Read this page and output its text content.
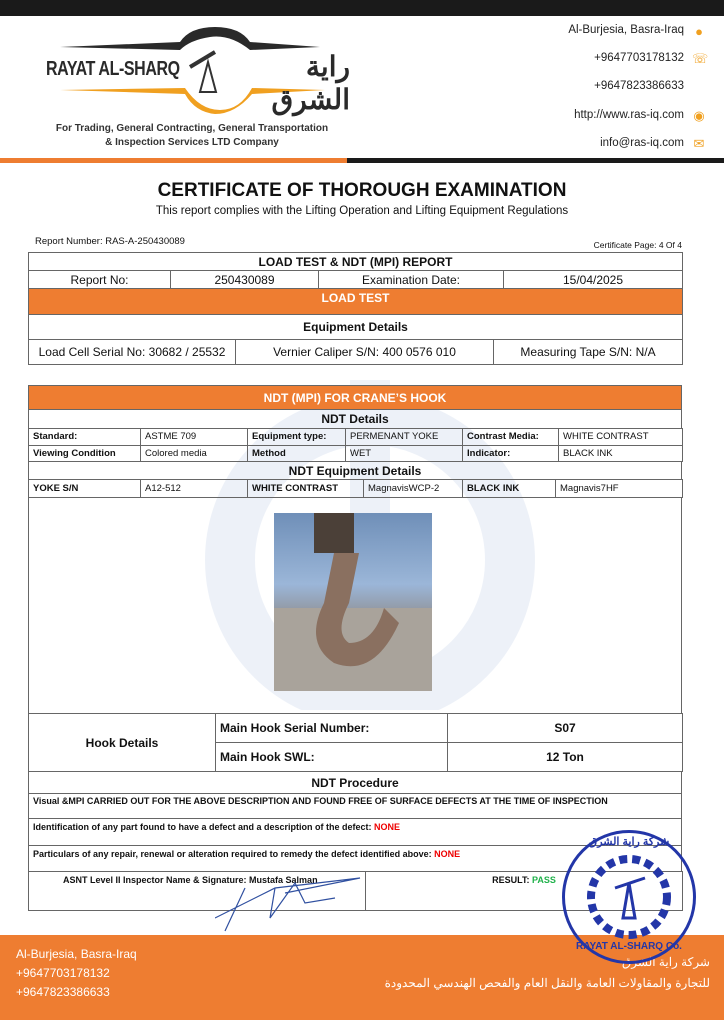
RAYAT AL-SHARQ	راية الشرق
For Trading, General Contracting, General Transportation
& Inspection Services LTD Company
Al-Burjesia, Basra-Iraq ●
+9647703178132 ☏
+9647823386633
http://www.ras-iq.com ◉
info@ras-iq.com ✉
CERTIFICATE OF THOROUGH EXAMINATION
This report complies with the Lifting Operation and Lifting Equipment Regulations
Report Number: RAS-A-250430089	Certificate Page: 4 Of 4
LOAD TEST & NDT (MPI) REPORT
Report No:	250430089	Examination Date:	15/04/2025
LOAD TEST
Equipment Details
Load Cell Serial No: 30682 / 25532	Vernier Caliper S/N: 400 0576 010	Measuring Tape S/N: N/A
NDT (MPI) FOR CRANE’S HOOK
NDT Details
Standard:	ASTME 709	Equipment type:	PERMENANT YOKE	Contrast Media:	WHITE CONTRAST
Viewing Condition	Colored media	Method	WET	Indicator:	BLACK INK
NDT Equipment Details
YOKE S/N	A12-512	WHITE CONTRAST	MagnavisWCP-2	BLACK INK	Magnavis7HF
Hook Details	Main Hook Serial Number:	S07
	Main Hook SWL:	12 Ton
NDT Procedure
Visual &MPI CARRIED OUT FOR THE ABOVE DESCRIPTION AND FOUND FREE OF SURFACE DEFECTS AT THE TIME OF INSPECTION
Identification of any part found to have a defect and a description of the defect: NONE
Particulars of any repair, renewal or alteration required to remedy the defect identified above: NONE
ASNT Level II Inspector Name & Signature: Mustafa Salman	RESULT: PASS
Al-Burjesia, Basra-Iraq
+9647703178132
+9647823386633
شركة راية الشرق
للتجارة والمقاولات العامة والنقل العام والفحص الهندسي المحدودة
شركة راية الشرق
RAYAT AL-SHARQ Co.
